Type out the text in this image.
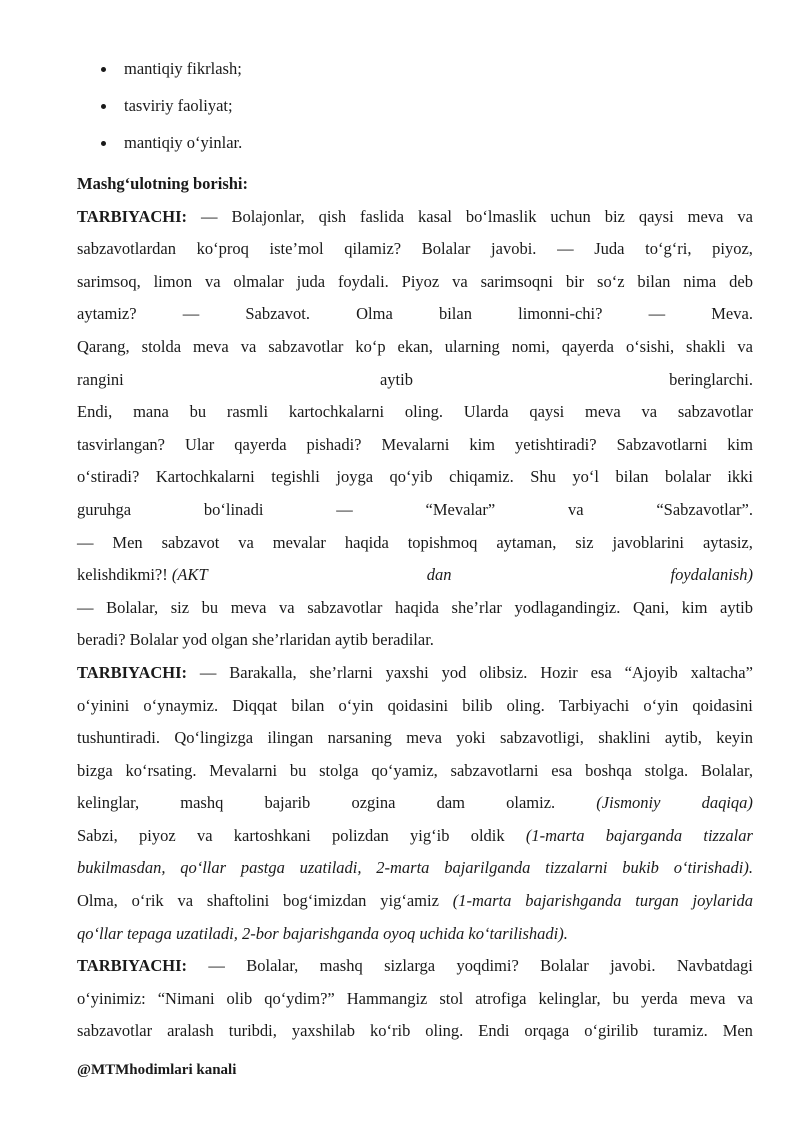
mantiqiy fikrlash;
tasviriy faoliyat;
mantiqiy o‘yinlar.
Mashg‘ulotning borishi:
TARBIYACHI: — Bolajonlar, qish faslida kasal bo‘lmaslik uchun biz qaysi meva va
sabzavotlardan ko‘proq iste’mol qilamiz? Bolalar javobi. — Juda to‘g‘ri, piyoz,
sarimsoq, limon va olmalar juda foydali. Piyoz va sarimsoqni bir so‘z bilan nima deb
aytamiz?	—	Sabzavot.	Olma	bilan	limonni-chi?	—	Meva.
Qarang, stolda meva va sabzavotlar ko‘p ekan, ularning nomi, qayerda o‘sishi, shakli va
rangini	aytib	beringlarchi.
Endi, mana bu rasmli kartochkalarni oling. Ularda qaysi meva va sabzavotlar
tasvirlangan? Ular qayerda pishadi? Mevalarni kim yetishtiradi? Sabzavotlarni kim
o‘stiradi? Kartochkalarni tegishli joyga qo‘yib chiqamiz. Shu yo‘l bilan bolalar ikki
guruhga	bo‘linadi	—	“Mevalar”	va	“Sabzavotlar”.
— Men sabzavot va mevalar haqida topishmoq aytaman, siz javoblarini aytasiz,
kelishdikmi?! (AKT	dan	foydalanish)
— Bolalar, siz bu meva va sabzavotlar haqida she’rlar yodlagandingiz. Qani, kim aytib
beradi? Bolalar yod olgan she’rlaridan aytib beradilar.
TARBIYACHI: — Barakalla, she’rlarni yaxshi yod olibsiz. Hozir esa “Ajoyib xaltacha”
o‘yinini o‘ynaymiz. Diqqat bilan o‘yin qoidasini bilib oling. Tarbiyachi o‘yin qoidasini
tushuntiradi. Qo‘lingizga ilingan narsaning meva yoki sabzavotligi, shaklini aytib, keyin
bizga ko‘rsating. Mevalarni bu stolga qo‘yamiz, sabzavotlarni esa boshqa stolga. Bolalar,
kelinglar, mashq bajarib ozgina dam olamiz. (Jismoniy daqiqa)
Sabzi, piyoz va kartoshkani polizdan yig‘ib oldik (1-marta bajarganda tizzalar
bukilmasdan, qo‘llar pastga uzatiladi, 2-marta bajarilganda tizzalarni bukib o‘tirishadi).
Olma, o‘rik va shaftolini bog‘imizdan yig‘amiz (1-marta bajarishganda turgan joylarida
qo‘llar tepaga uzatiladi, 2-bor bajarishganda oyoq uchida ko‘tarilishadi).
TARBIYACHI: — Bolalar, mashq sizlarga yoqdimi? Bolalar javobi. Navbatdagi
o‘yinimiz: “Nimani olib qo‘ydim?” Hammangiz stol atrofiga kelinglar, bu yerda meva va
sabzavotlar aralash turibdi, yaxshilab ko‘rib oling. Endi orqaga o‘girilib turamiz. Men
@MTMhodimlari kanali
